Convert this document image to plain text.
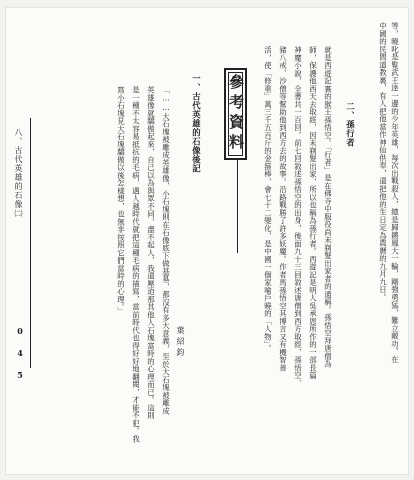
等，曉叱是覧武王逹一邊的少年英雄，每次出戰殺人，總是歸鏘鳳大一輪，剛強勇猛，難立敵功。在
中國的民間道教裏，有人把他當作神仙供奉，還把他的生日定為農曆的九月九日。
二、孫行者
就是西遊記裏的猴王孫悟空。「行者」是在佛寺中服役尚未剃髮出家者的通稱。孫悟空拜唐僧為
師，保護他西天去取經，因未剃髮出家，所以也稱為孫行者。西遊記是明人吳承恩所作的一部長篇
神魔小說，全書共一百回。前七回敘述孫悟空的出身，後面九十三回敘述唐僧到西方取經，孫悟空、
豬八戒、沙僧等幫助他到西方去的故事。沿路戰勝了許多妖魔。作者馬孫悟空其博言又有機智善
活，使「修重」萬三千五百斤的金箍棒，會七十二變化，是中國一個家喻戶曉的「人物」。
參考資料
一、古代英雄的石像後記
「……大石塊被雕成英雄像，小石塊則在石像底下做基墓，都沒有多大意義，至於大石塊被雕成
英雄像就驕傲起來，自己以為與眾不同，盡不起人，我還壓迫那其他人石塊富時的心理而已。這則
是一種不太容易抵抗的毛病，遇人越時代就把這種毛病的描寫，當前時代也得好好地翻閱，才能不犯。我
寫小石塊見大石塊驕傲以後怎樣想，也無非按照它們當時的心理。」
葉紹鈞
八、古代英雄的石像㈡
0 4 5
